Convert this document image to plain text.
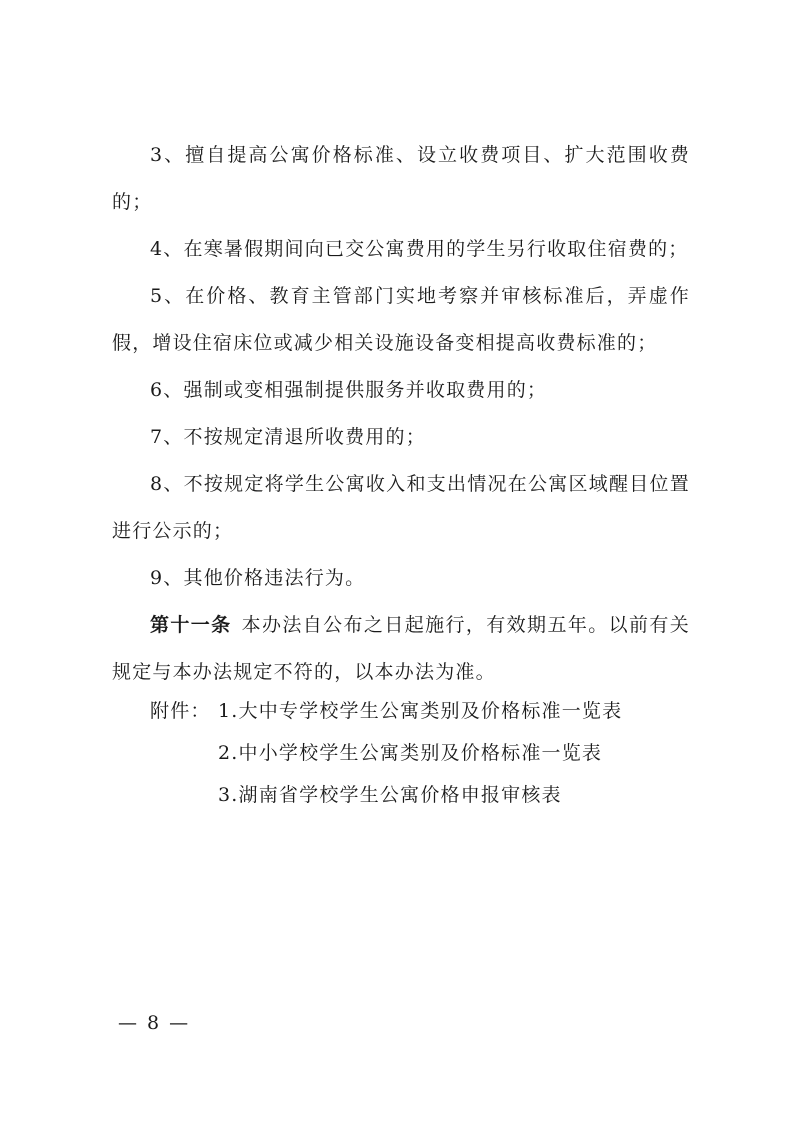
3、擅自提高公寓价格标准、设立收费项目、扩大范围收费的；

4、在寒暑假期间向已交公寓费用的学生另行收取住宿费的；

5、在价格、教育主管部门实地考察并审核标准后，弄虚作假，增设住宿床位或减少相关设施设备变相提高收费标准的；

6、强制或变相强制提供服务并收取费用的；

7、不按规定清退所收费用的；

8、不按规定将学生公寓收入和支出情况在公寓区域醒目位置进行公示的；

9、其他价格违法行为。

第十一条 本办法自公布之日起施行，有效期五年。以前有关规定与本办法规定不符的，以本办法为准。

附件： 1.大中专学校学生公寓类别及价格标准一览表
2.中小学校学生公寓类别及价格标准一览表
3.湖南省学校学生公寓价格申报审核表
— 8 —
